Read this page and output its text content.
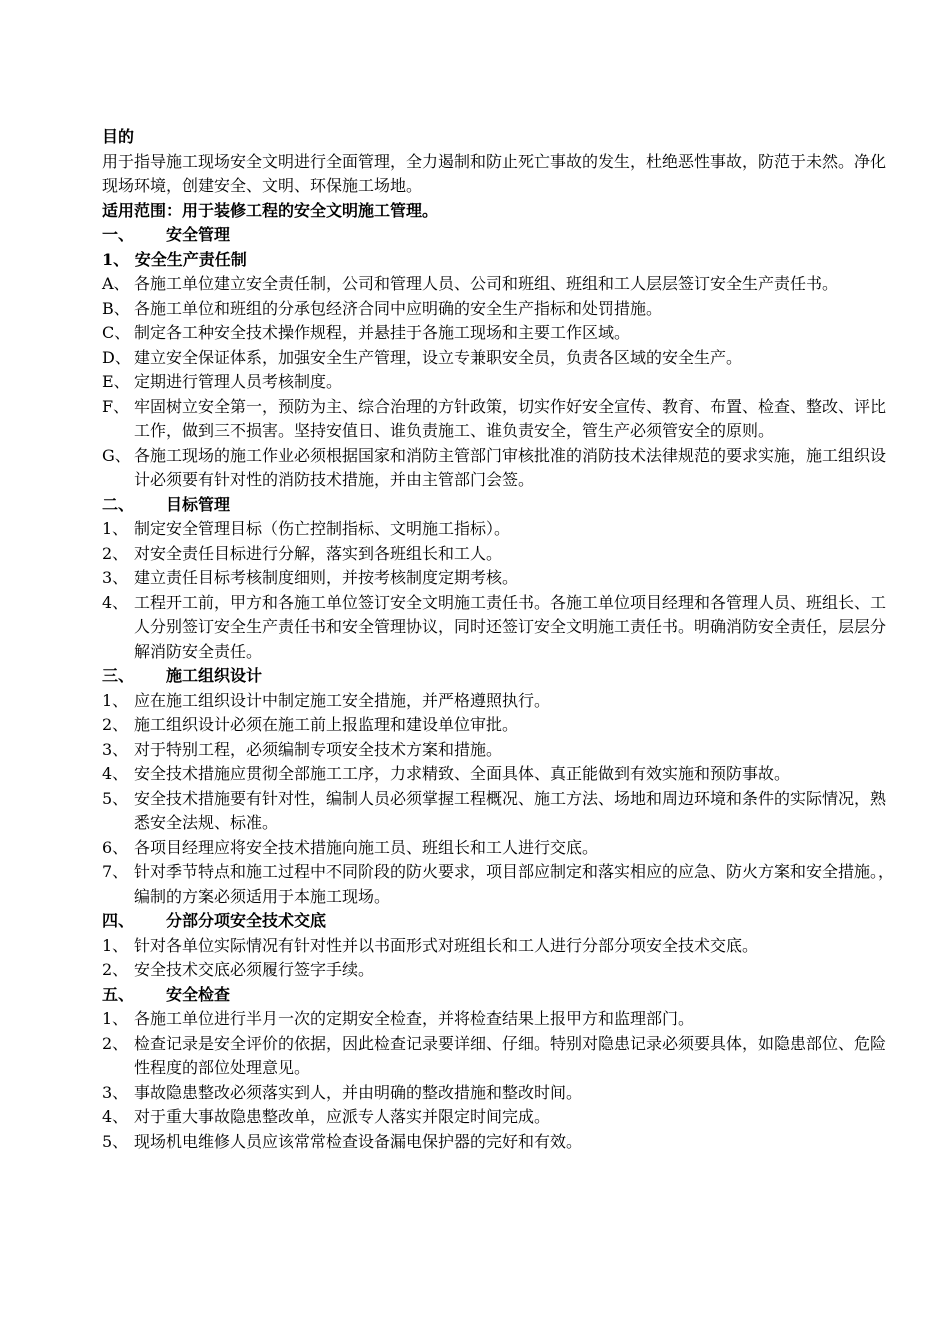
目的
用于指导施工现场安全文明进行全面管理，全力遏制和防止死亡事故的发生，杜绝恶性事故，防范于未然。净化现场环境，创建安全、文明、环保施工场地。
适用范围：用于装修工程的安全文明施工管理。
一、 安全管理
1、 安全生产责任制
A、 各施工单位建立安全责任制，公司和管理人员、公司和班组、班组和工人层层签订安全生产责任书。
B、 各施工单位和班组的分承包经济合同中应明确的安全生产指标和处罚措施。
C、 制定各工种安全技术操作规程，并悬挂于各施工现场和主要工作区域。
D、 建立安全保证体系，加强安全生产管理，设立专兼职安全员，负责各区域的安全生产。
E、 定期进行管理人员考核制度。
F、 牢固树立安全第一，预防为主、综合治理的方针政策，切实作好安全宣传、教育、布置、检查、整改、评比工作，做到三不损害。坚持安值日、谁负责施工、谁负责安全，管生产必须管安全的原则。
G、 各施工现场的施工作业必须根据国家和消防主管部门审核批准的消防技术法律规范的要求实施，施工组织设计必须要有针对性的消防技术措施，并由主管部门会签。
二、 目标管理
1、 制定安全管理目标（伤亡控制指标、文明施工指标）。
2、 对安全责任目标进行分解，落实到各班组长和工人。
3、 建立责任目标考核制度细则，并按考核制度定期考核。
4、 工程开工前，甲方和各施工单位签订安全文明施工责任书。各施工单位项目经理和各管理人员、班组长、工人分别签订安全生产责任书和安全管理协议，同时还签订安全文明施工责任书。明确消防安全责任，层层分解消防安全责任。
三、 施工组织设计
1、 应在施工组织设计中制定施工安全措施，并严格遵照执行。
2、 施工组织设计必须在施工前上报监理和建设单位审批。
3、 对于特别工程，必须编制专项安全技术方案和措施。
4、 安全技术措施应贯彻全部施工工序，力求精致、全面具体、真正能做到有效实施和预防事故。
5、 安全技术措施要有针对性，编制人员必须掌握工程概况、施工方法、场地和周边环境和条件的实际情况，熟悉安全法规、标准。
6、 各项目经理应将安全技术措施向施工员、班组长和工人进行交底。
7、 针对季节特点和施工过程中不同阶段的防火要求，项目部应制定和落实相应的应急、防火方案和安全措施。，编制的方案必须适用于本施工现场。
四、 分部分项安全技术交底
1、 针对各单位实际情况有针对性并以书面形式对班组长和工人进行分部分项安全技术交底。
2、 安全技术交底必须履行签字手续。
五、 安全检查
1、 各施工单位进行半月一次的定期安全检查，并将检查结果上报甲方和监理部门。
2、 检查记录是安全评价的依据，因此检查记录要详细、仔细。特别对隐患记录必须要具体，如隐患部位、危险性程度的部位处理意见。
3、 事故隐患整改必须落实到人，并由明确的整改措施和整改时间。
4、 对于重大事故隐患整改单，应派专人落实并限定时间完成。
5、 现场机电维修人员应该常常检查设备漏电保护器的完好和有效。
